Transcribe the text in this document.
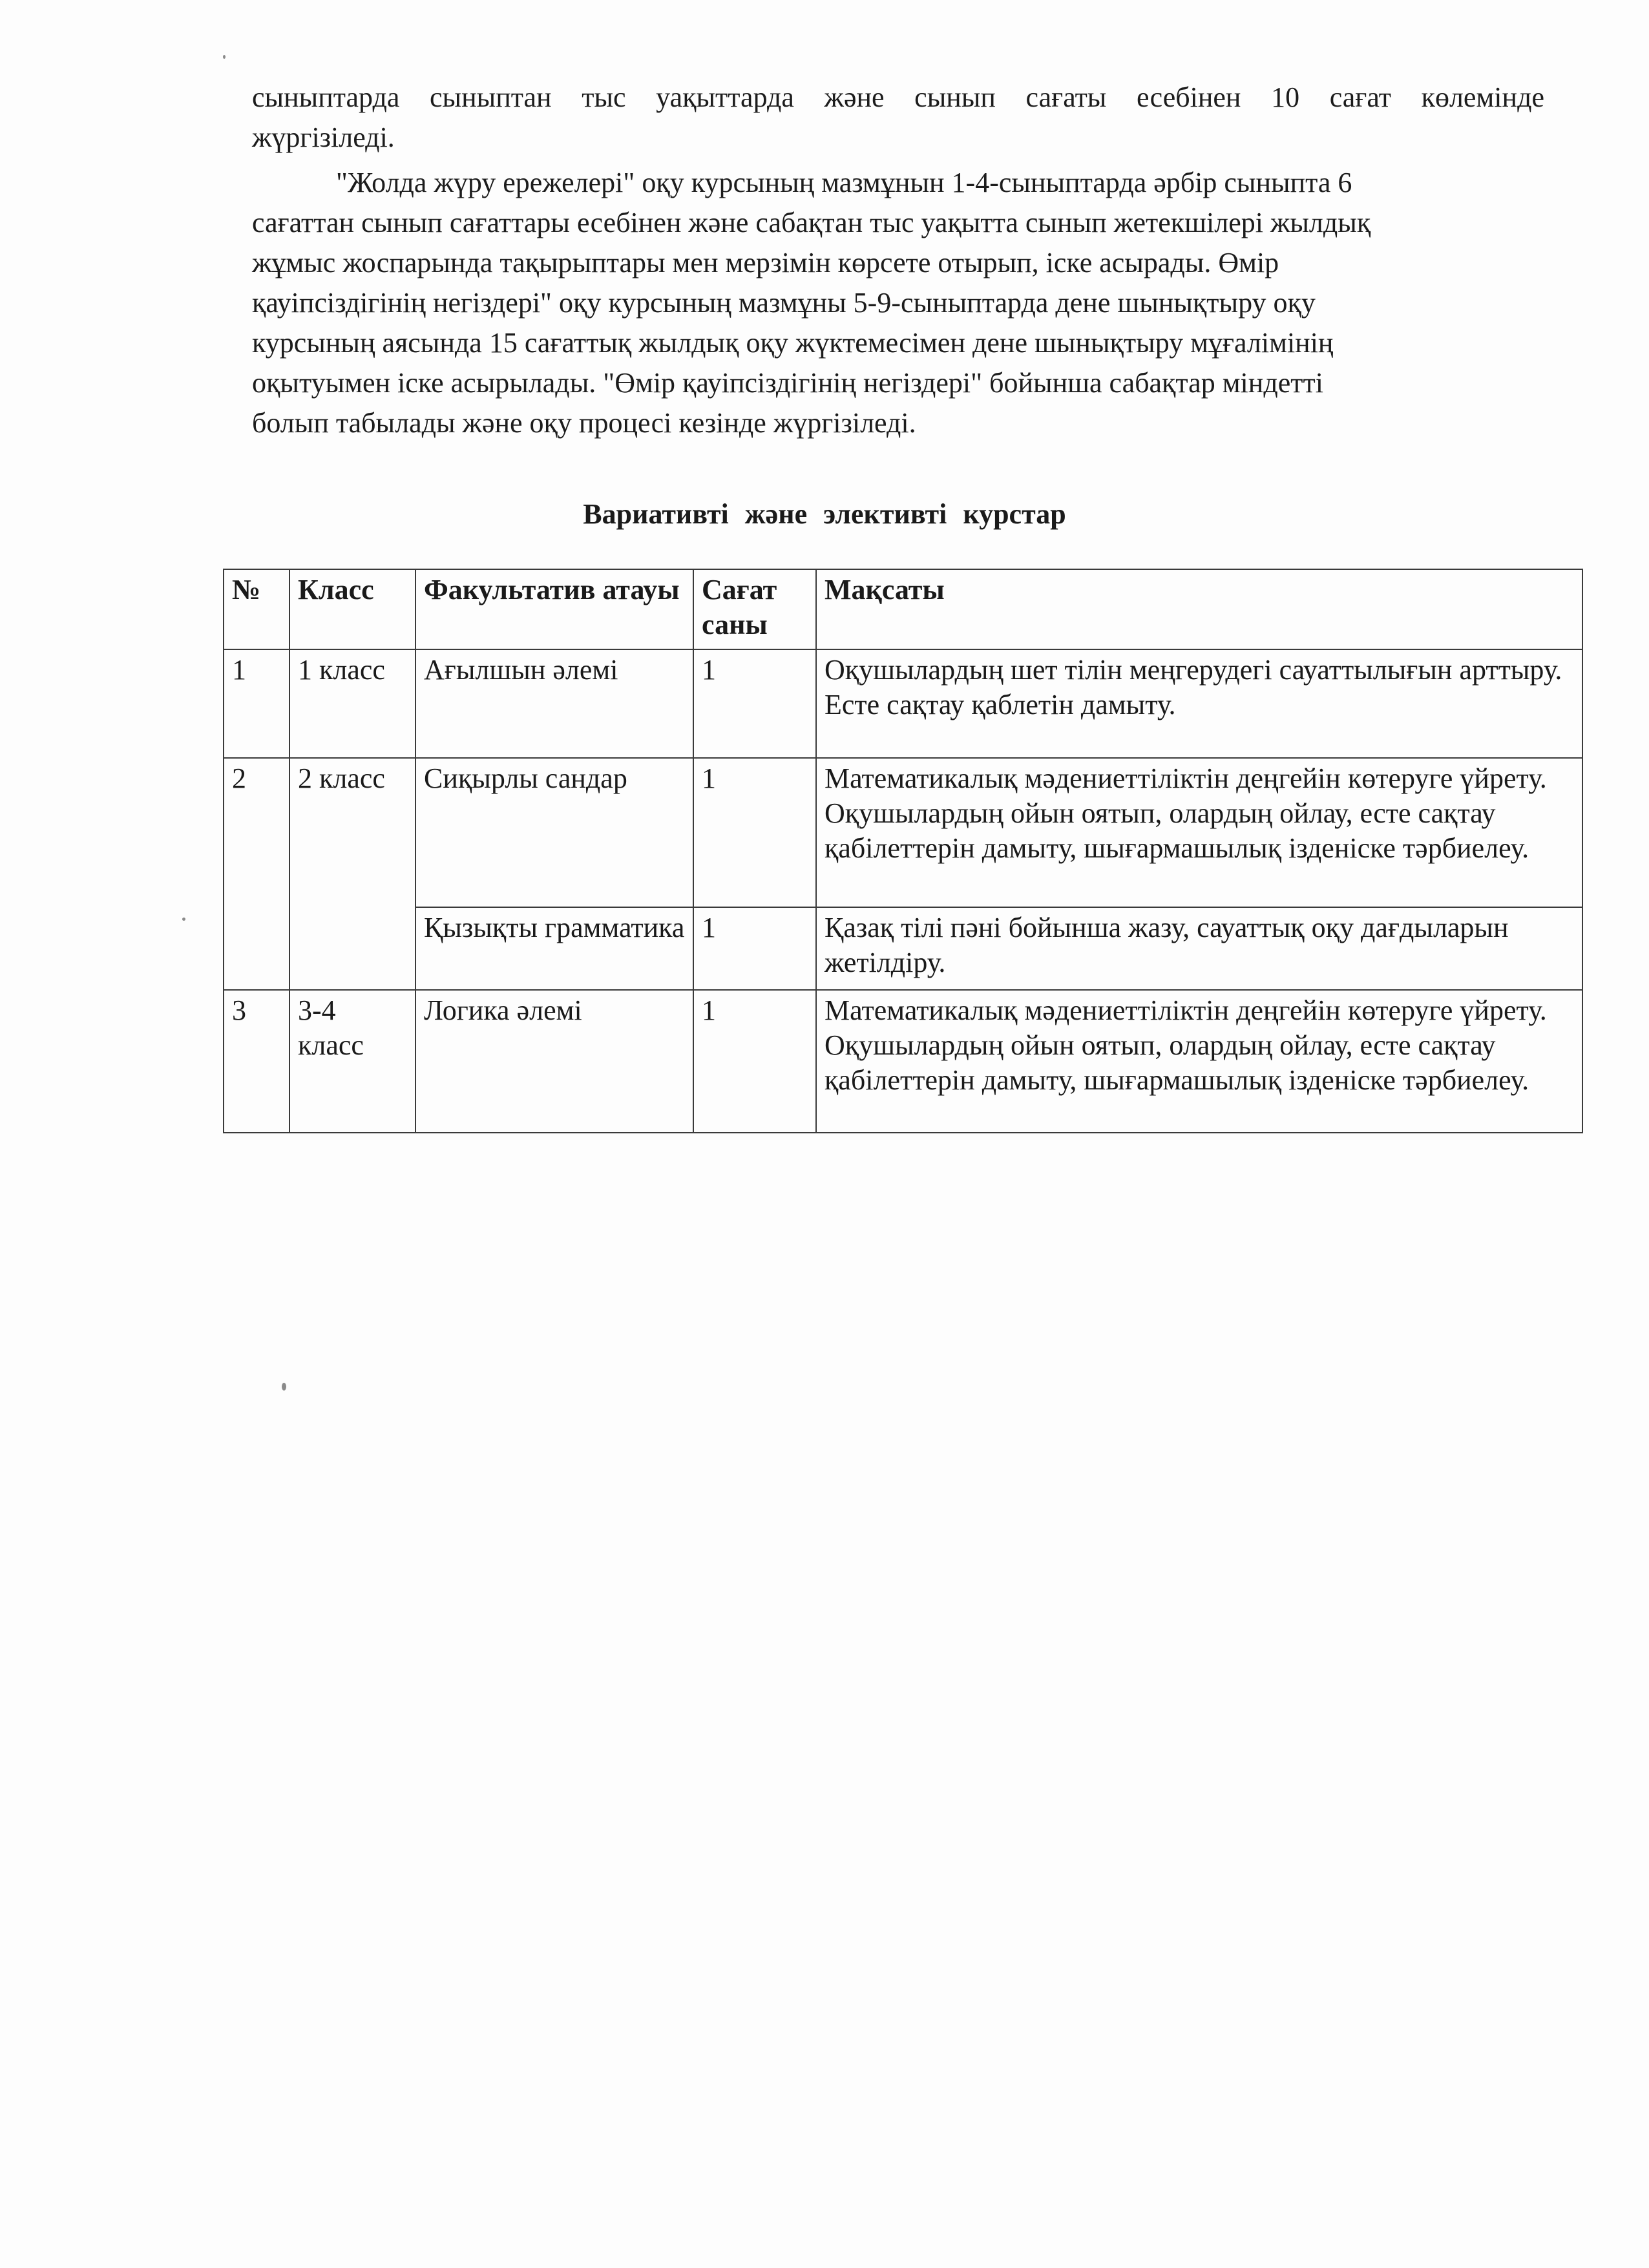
сыныптарда сыныптан тыс уақыттарда және сынып сағаты есебінен 10 сағат көлемінде
жүргізіледі.
"Жолда жүру ережелері" оқу курсының мазмұнын 1-4-сыныптарда әрбір сыныпта 6
сағаттан сынып сағаттары есебінен және сабақтан тыс уақытта сынып жетекшілері жылдық
жұмыс жоспарында тақырыптары мен мерзімін көрсете отырып, іске асырады. Өмір
қауіпсіздігінің негіздері" оқу курсының мазмұны 5-9-сыныптарда дене шынықтыру оқу
курсының аясында 15 сағаттық жылдық оқу жүктемесімен дене шынықтыру мұғалімінің
оқытуымен іске асырылады. "Өмір қауіпсіздігінің негіздері" бойынша сабақтар міндетті
болып табылады және оқу процесі кезінде жүргізіледі.
Вариативті және элективті курстар
№	Класс	Факультатив атауы	Сағат саны	Мақсаты
1	1 класс	Ағылшын әлемі	1	Оқушылардың шет тілін меңгерудегі сауаттылығын арттыру. Есте сақтау қаблетін дамыту.
2	2 класс	Сиқырлы сандар	1	Математикалық мәдениеттіліктін деңгейін көтеруге үйрету. Оқушылардың ойын оятып, олардың ойлау, есте сақтау қабілеттерін дамыту, шығармашылық ізденіске тәрбиелеу.
		Қызықты грамматика	1	Қазақ тілі пәні бойынша жазу, сауаттық оқу дағдыларын жетілдіру.
3	3-4 класс	Логика әлемі	1	Математикалық мәдениеттіліктін деңгейін көтеруге үйрету. Оқушылардың ойын оятып, олардың ойлау, есте сақтау қабілеттерін дамыту, шығармашылық ізденіске тәрбиелеу.
